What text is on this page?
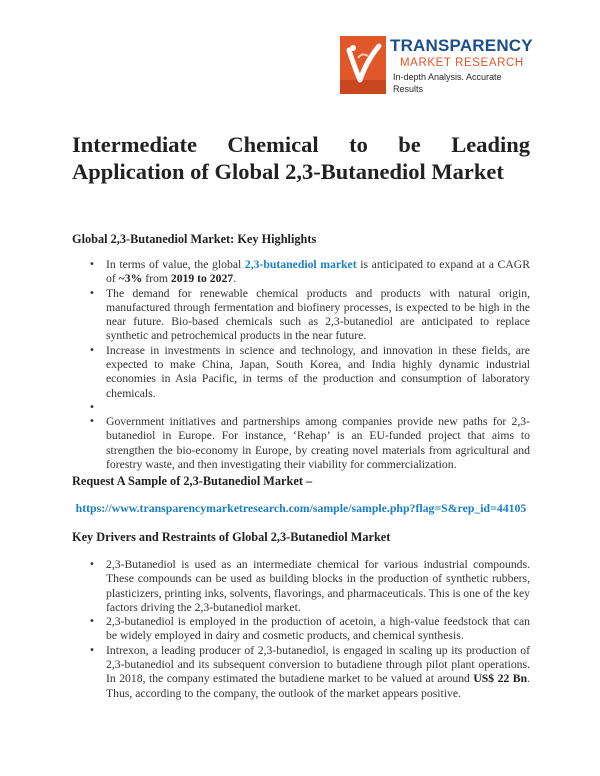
TRANSPARENCY
MARKET RESEARCH
In-depth Analysis. Accurate Results
Intermediate Chemical to be Leading
Application of Global 2,3-Butanediol Market
Global 2,3-Butanediol Market: Key Highlights
• In terms of value, the global 2,3-butanediol market is anticipated to expand at a CAGR of ~3% from 2019 to 2027.
• The demand for renewable chemical products and products with natural origin, manufactured through fermentation and biofinery processes, is expected to be high in the near future. Bio-based chemicals such as 2,3-butanediol are anticipated to replace synthetic and petrochemical products in the near future.
• Increase in investments in science and technology, and innovation in these fields, are expected to make China, Japan, South Korea, and India highly dynamic industrial economies in Asia Pacific, in terms of the production and consumption of laboratory chemicals.
•
• Government initiatives and partnerships among companies provide new paths for 2,3-butanediol in Europe. For instance, ‘Rehap’ is an EU-funded project that aims to strengthen the bio-economy in Europe, by creating novel materials from agricultural and forestry waste, and then investigating their viability for commercialization.
Request A Sample of 2,3-Butanediol Market –
https://www.transparencymarketresearch.com/sample/sample.php?flag=S&rep_id=44105
Key Drivers and Restraints of Global 2,3-Butanediol Market
• 2,3-Butanediol is used as an intermediate chemical for various industrial compounds. These compounds can be used as building blocks in the production of synthetic rubbers, plasticizers, printing inks, solvents, flavorings, and pharmaceuticals. This is one of the key factors driving the 2,3-butanediol market.
• 2,3-butanediol is employed in the production of acetoin, a high-value feedstock that can be widely employed in dairy and cosmetic products, and chemical synthesis.
• Intrexon, a leading producer of 2,3-butanediol, is engaged in scaling up its production of 2,3-butanediol and its subsequent conversion to butadiene through pilot plant operations. In 2018, the company estimated the butadiene market to be valued at around US$ 22 Bn. Thus, according to the company, the outlook of the market appears positive.
